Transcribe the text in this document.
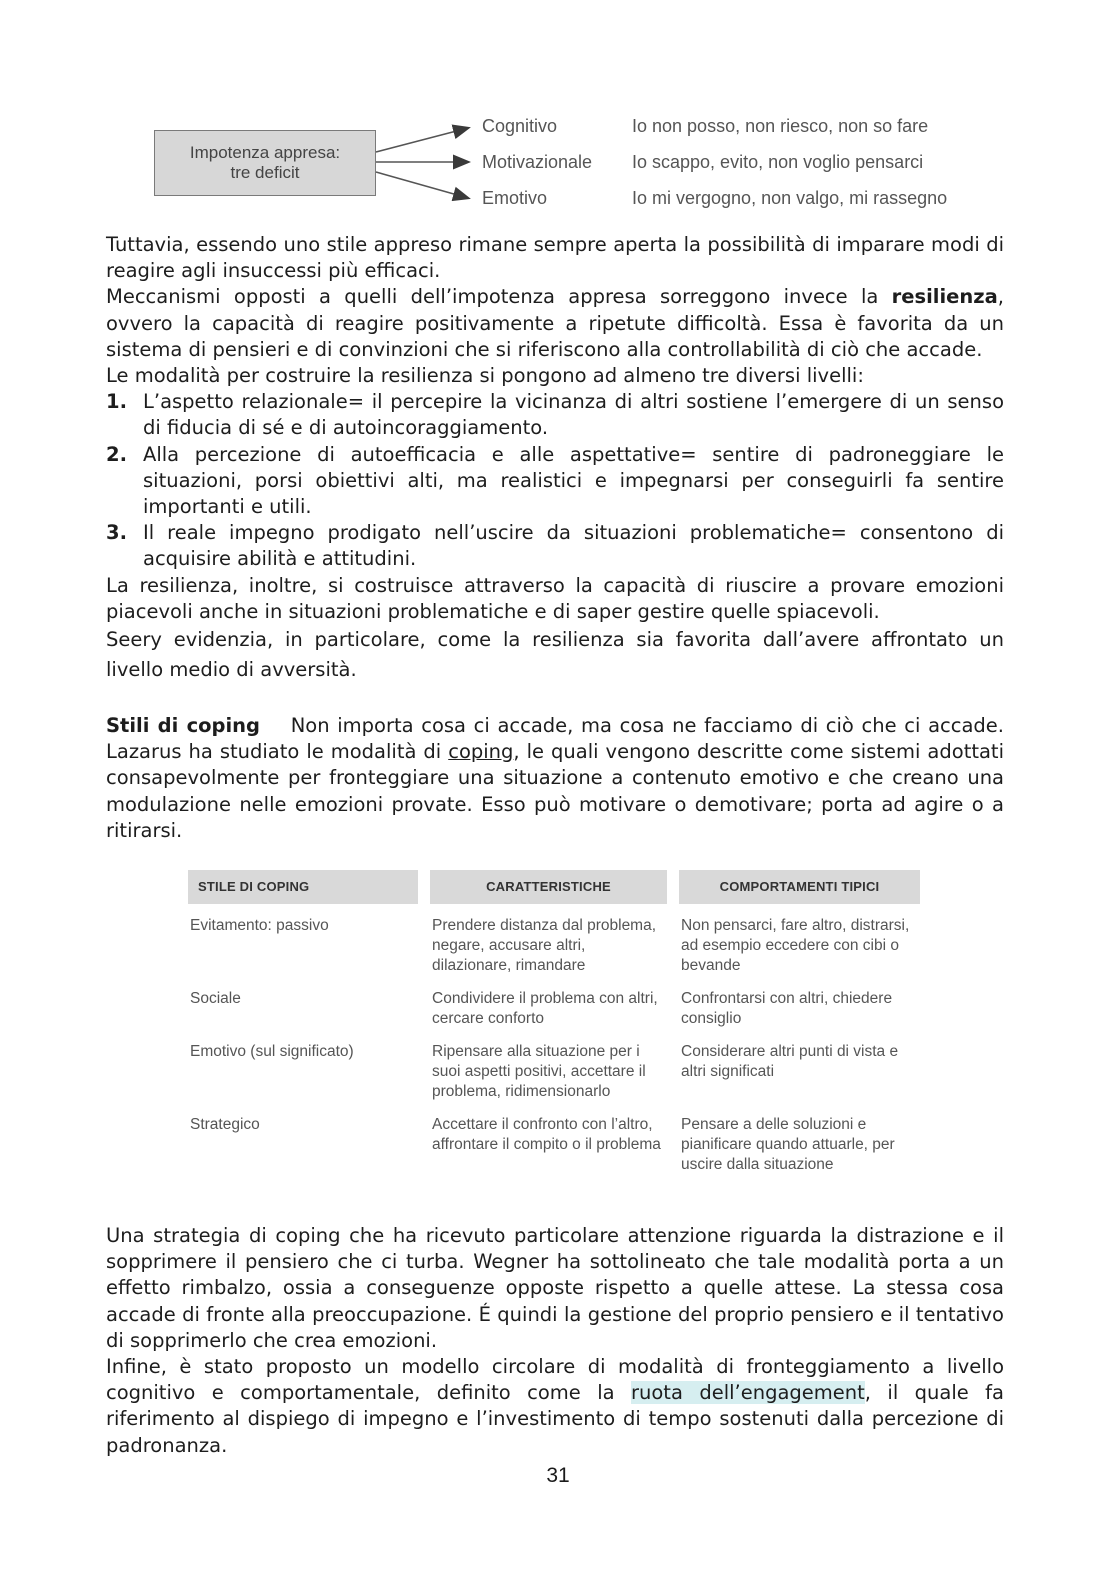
Impotenza appresa:
tre deficit
Cognitivo	Io non posso, non riesco, non so fare
Motivazionale Io scappo, evito, non voglio pensarci
Emotivo	Io mi vergogno, non valgo, mi rassegno

Tuttavia, essendo uno stile appreso rimane sempre aperta la possibilità di imparare modi di reagire agli insuccessi più efficaci.

Meccanismi opposti a quelli dell’impotenza appresa sorreggono invece la resilienza, ovvero la capacità di reagire positivamente a ripetute difficoltà. Essa è favorita da un sistema di pensieri e di convinzioni che si riferiscono alla controllabilità di ciò che accade.

Le modalità per costruire la resilienza si pongono ad almeno tre diversi livelli:

1. L’aspetto relazionale= il percepire la vicinanza di altri sostiene l’emergere di un senso di fiducia di sé e di autoincoraggiamento.
2. Alla percezione di autoefficacia e alle aspettative= sentire di padroneggiare le situazioni, porsi obiettivi alti, ma realistici e impegnarsi per conseguirli fa sentire importanti e utili.
3. Il reale impegno prodigato nell’uscire da situazioni problematiche= consentono di acquisire abilità e attitudini.

La resilienza, inoltre, si costruisce attraverso la capacità di riuscire a provare emozioni piacevoli anche in situazioni problematiche e di saper gestire quelle spiacevoli.

Seery evidenzia, in particolare, come la resilienza sia favorita dall’avere affrontato un livello medio di avversità.

Stili di coping Non importa cosa ci accade, ma cosa ne facciamo di ciò che ci accade. Lazarus ha studiato le modalità di coping, le quali vengono descritte come sistemi adottati consapevolmente per fronteggiare una situazione a contenuto emotivo e che creano una modulazione nelle emozioni provate. Esso può motivare o demotivare; porta ad agire o a ritirarsi.

STILE DI COPING		CARATTERISTICHE		COMPORTAMENTI TIPICI
Evitamento: passivo		Prendere distanza dal problema, negare, accusare altri, dilazionare, rimandare		Non pensarci, fare altro, distrarsi, ad esempio eccedere con cibi o bevande
Sociale		Condividere il problema con altri, cercare conforto		Confrontarsi con altri, chiedere consiglio
Emotivo (sul significato)		Ripensare alla situazione per i suoi aspetti positivi, accettare il problema, ridimensionarlo		Considerare altri punti di vista e altri significati
Strategico		Accettare il confronto con l’altro, affrontare il compito o il problema		Pensare a delle soluzioni e pianificare quando attuarle, per uscire dalla situazione

Una strategia di coping che ha ricevuto particolare attenzione riguarda la distrazione e il sopprimere il pensiero che ci turba. Wegner ha sottolineato che tale modalità porta a un effetto rimbalzo, ossia a conseguenze opposte rispetto a quelle attese. La stessa cosa accade di fronte alla preoccupazione. É quindi la gestione del proprio pensiero e il tentativo di sopprimerlo che crea emozioni.

Infine, è stato proposto un modello circolare di modalità di fronteggiamento a livello cognitivo e comportamentale, definito come la ruota dell’engagement, il quale fa riferimento al dispiego di impegno e l’investimento di tempo sostenuti dalla percezione di padronanza.

31
